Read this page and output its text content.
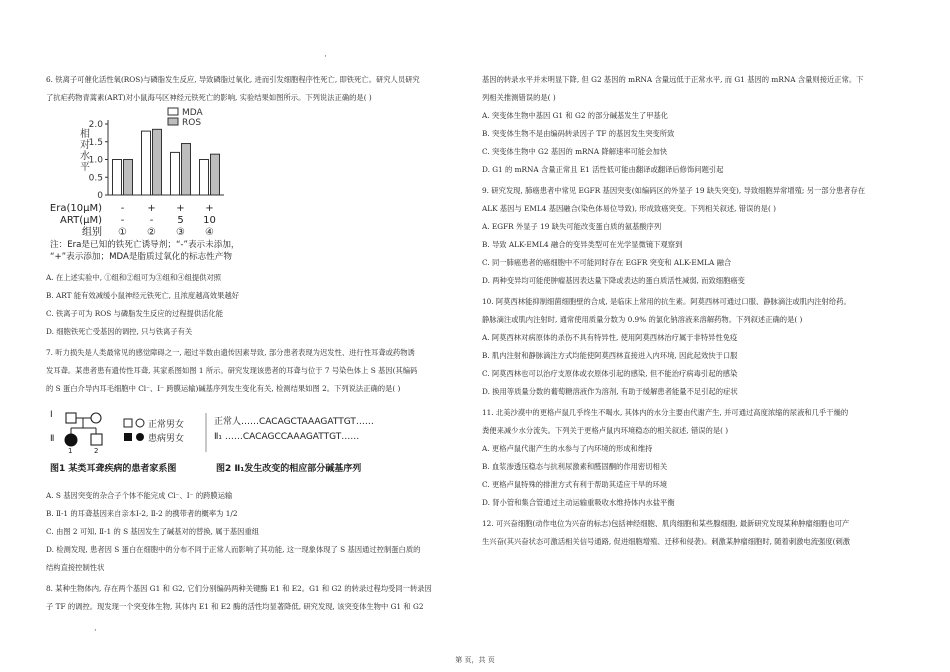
·
·
6. 铁离子可催化活性氧(ROS)与磷脂发生反应, 导致磷脂过氧化, 进而引发细胞程序性死亡, 即铁死亡。研究人员研究
了抗疟药物青蒿素(ART)对小鼠海马区神经元铁死亡的影响, 实验结果如图所示。下列说法正确的是( )
0
0.5
1.0
1.5
2.0
相
对
水
平
MDA
ROS
Era(10μM) - + + +
ART(μM) -	- 5 10
组别 ① ② ③ ④
注：Era是已知的铁死亡诱导剂；“-”表示未添加，
“+”表示添加；MDA是脂质过氧化的标志性产物
A. 在上述实验中, ①组和②组可为③组和④组提供对照
B. ART 能有效减缓小鼠神经元铁死亡, 且浓度越高效果越好
C. 铁离子可为 ROS 与磷脂发生反应的过程提供活化能
D. 细胞铁死亡受基因的调控, 只与铁离子有关
7. 听力损失是人类最常见的感觉障碍之一, 超过半数由遗传因素导致, 部分患者表现为迟发性、进行性耳聋或药物诱
发耳聋。某患者患有遗传性耳聋, 其家系图如图 1 所示。研究发现该患者的耳聋与位于 7 号染色体上 S 基因(其编码
的 S 蛋白介导内耳毛细胞中 Cl⁻、I⁻ 跨膜运输)碱基序列发生变化有关, 检测结果如图 2。下列说法正确的是( )
Ⅰ
Ⅱ
1	2
正常男女
患病男女
正常人……CACAGCTAAAGATTGT……
Ⅱ₁ ……CACAGCCAAAGATTGT……
图1 某类耳聋疾病的患者家系图	图2 Ⅱ₁发生改变的相应部分碱基序列
A. S 基因突变的杂合子个体不能完成 Cl⁻、I⁻ 的跨膜运输
B. Ⅱ-1 的耳聋基因来自亲本Ⅰ-2, Ⅱ-2 的携带者的概率为 1/2
C. 由图 2 可知, Ⅱ-1 的 S 基因发生了碱基对的替换, 属于基因重组
D. 检测发现, 患者因 S 蛋白在细胞中的分布不同于正常人而影响了其功能, 这一现象体现了 S 基因通过控制蛋白质的
结构直接控制性状
8. 某种生物体内, 存在两个基因 G1 和 G2, 它们分别编码两种关键酶 E1 和 E2。G1 和 G2 的转录过程均受同一转录因
子 TF 的调控。现发现一个突变体生物, 其体内 E1 和 E2 酶的活性均显著降低, 研究发现, 该突变体生物中 G1 和 G2
基因的转录水平并未明显下降, 但 G2 基因的 mRNA 含量远低于正常水平, 而 G1 基因的 mRNA 含量则接近正常。下
列相关推测错误的是( )
A. 突变体生物中基因 G1 和 G2 的部分碱基发生了甲基化
B. 突变体生物不是由编码转录因子 TF 的基因发生突变所致
C. 突变体生物中 G2 基因的 mRNA 降解速率可能会加快
D. G1 的 mRNA 含量正常且 E1 活性低可能由翻译或翻译后修饰问题引起
9. 研究发现, 肺癌患者中常见 EGFR 基因突变(如编码区的外显子 19 缺失突变), 导致细胞异常增殖; 另一部分患者存在
ALK 基因与 EML4 基因融合(染色体易位导致), 形成致癌突变。下列相关叙述, 错误的是( )
A. EGFR 外显子 19 缺失可能改变蛋白质的氨基酸序列
B. 导致 ALK-EML4 融合的变异类型可在光学显微镜下观察到
C. 同一肺癌患者的癌细胞中不可能同时存在 EGFR 突变和 ALK-EMLA 融合
D. 两种变异均可能使肿瘤基因表达量下降或表达的蛋白质活性减弱, 而致细胞癌变
10. 阿莫西林能抑制细菌细胞壁的合成, 是临床上常用的抗生素。阿莫西林可通过口服、静脉滴注或肌内注射给药。
静脉滴注或肌内注射时, 通常使用质量分数为 0.9% 的氯化钠溶液来溶解药物。下列叙述正确的是( )
A. 阿莫西林对病原体的杀伤不具有特异性, 使用阿莫西林治疗属于非特异性免疫
B. 肌内注射和静脉滴注方式均能使阿莫西林直接进入内环境, 因此起效快于口服
C. 阿莫西林也可以治疗支原体或衣原体引起的感染, 但不能治疗病毒引起的感染
D. 换用等质量分数的葡萄糖溶液作为溶剂, 有助于缓解患者能量不足引起的症状
11. 北美沙漠中的更格卢鼠几乎终生不喝水, 其体内的水分主要由代谢产生, 并可通过高度浓缩的尿液和几乎干燥的
粪便来减少水分流失。下列关于更格卢鼠内环境稳态的相关叙述, 错误的是( )
A. 更格卢鼠代谢产生的水参与了内环境的形成和维持
B. 血浆渗透压稳态与抗利尿激素和醛固酮的作用密切相关
C. 更格卢鼠特殊的排泄方式有利于帮助其适应干旱的环境
D. 肾小管和集合管通过主动运输重吸收水维持体内水盐平衡
12. 可兴奋细胞(动作电位为兴奋的标志)包括神经细胞、肌肉细胞和某些腺细胞, 最新研究发现某种肿瘤细胞也可产
生兴奋(其兴奋状态可激活相关信号通路, 促进细胞增殖、迁移和侵袭)。刺激某肿瘤细胞时, 随着刺激电流强度(刺激
第 页，共 页
